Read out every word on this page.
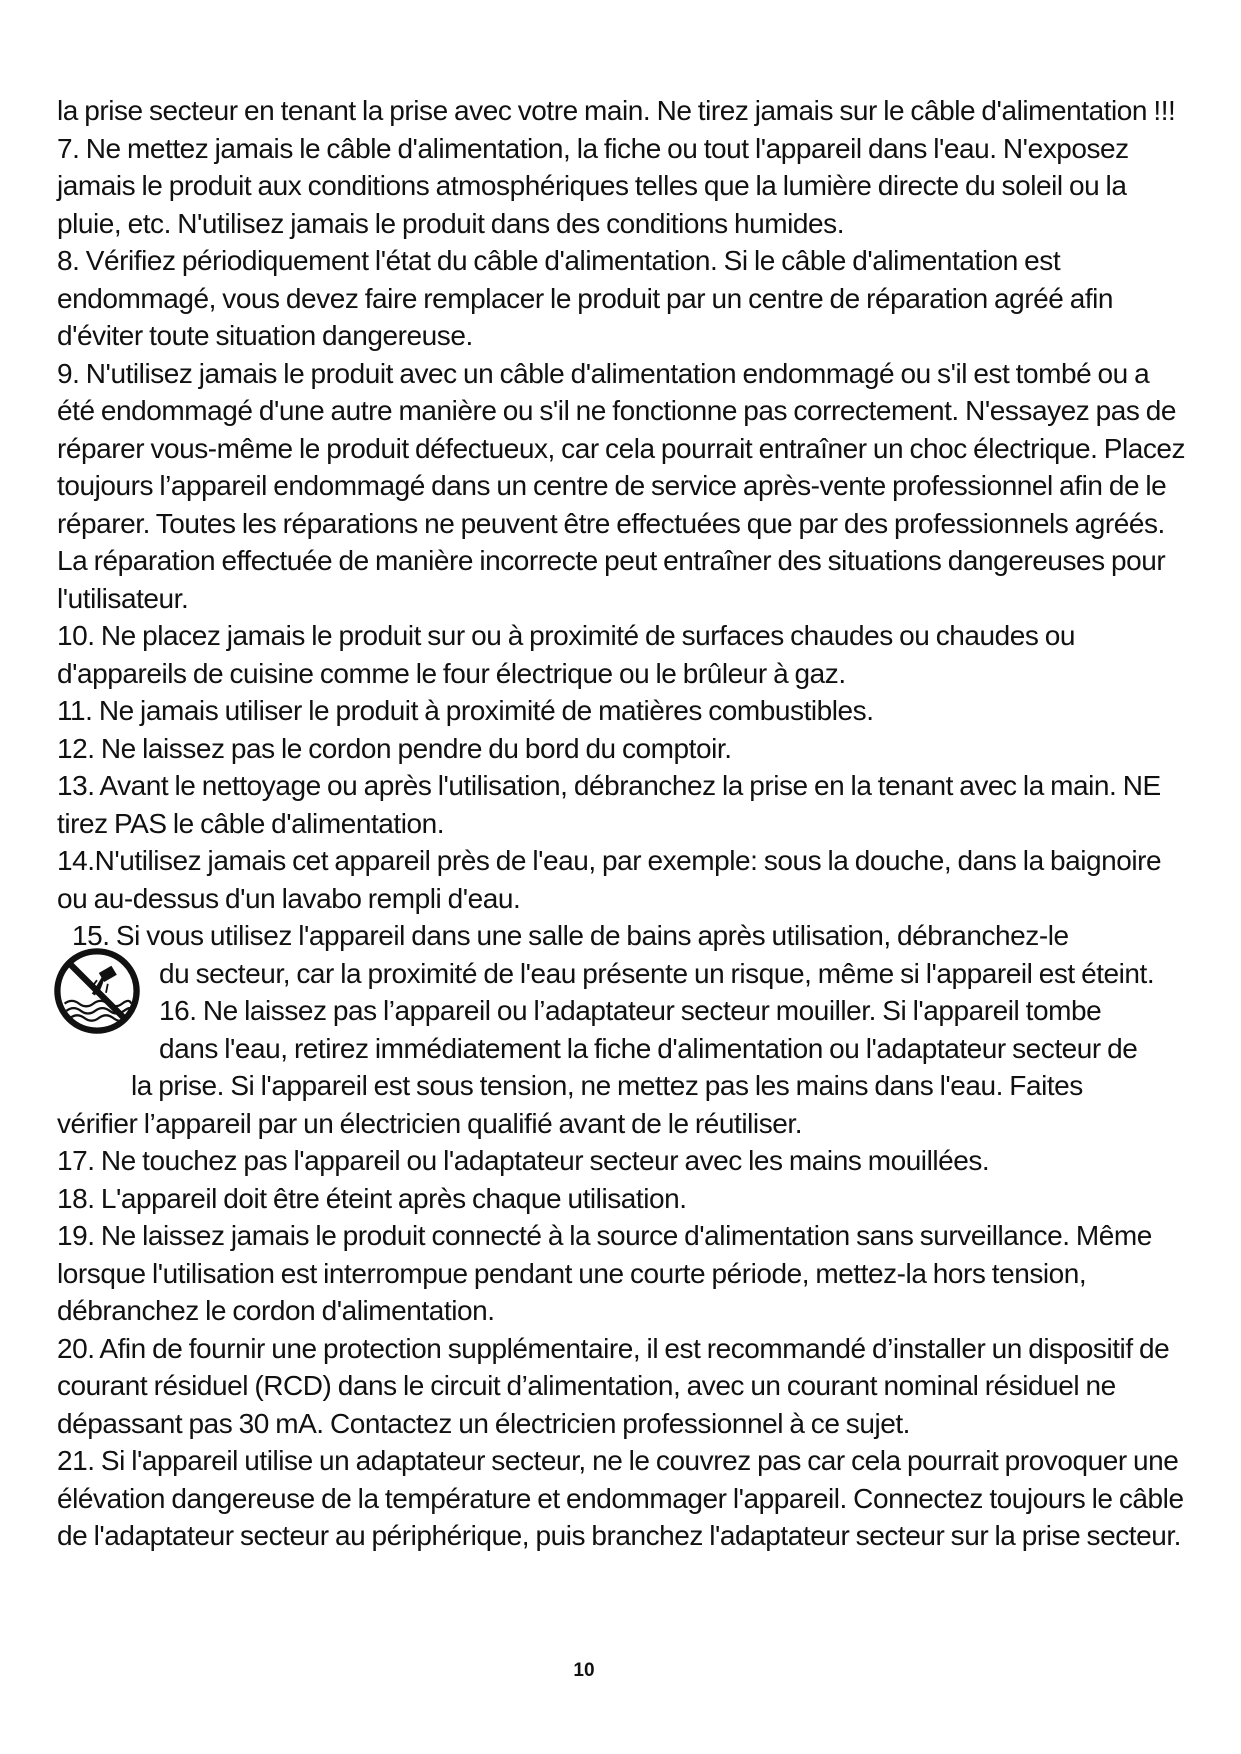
la prise secteur en tenant la prise avec votre main. Ne tirez jamais sur le câble d'alimentation !!!

7. Ne mettez jamais le câble d'alimentation, la fiche ou tout l'appareil dans l'eau. N'exposez jamais le produit aux conditions atmosphériques telles que la lumière directe du soleil ou la pluie, etc. N'utilisez jamais le produit dans des conditions humides.

8. Vérifiez périodiquement l'état du câble d'alimentation. Si le câble d'alimentation est endommagé, vous devez faire remplacer le produit par un centre de réparation agréé afin d'éviter toute situation dangereuse.

9. N'utilisez jamais le produit avec un câble d'alimentation endommagé ou s'il est tombé ou a été endommagé d'une autre manière ou s'il ne fonctionne pas correctement. N'essayez pas de réparer vous-même le produit défectueux, car cela pourrait entraîner un choc électrique. Placez toujours l’appareil endommagé dans un centre de service après-vente professionnel afin de le réparer. Toutes les réparations ne peuvent être effectuées que par des professionnels agréés. La réparation effectuée de manière incorrecte peut entraîner des situations dangereuses pour l'utilisateur.

10. Ne placez jamais le produit sur ou à proximité de surfaces chaudes ou chaudes ou d'appareils de cuisine comme le four électrique ou le brûleur à gaz.

11. Ne jamais utiliser le produit à proximité de matières combustibles.

12. Ne laissez pas le cordon pendre du bord du comptoir.

13. Avant le nettoyage ou après l'utilisation, débranchez la prise en la tenant avec la main. NE tirez PAS le câble d'alimentation.

14.N'utilisez jamais cet appareil près de l'eau, par exemple: sous la douche, dans la baignoire ou au-dessus d'un lavabo rempli d'eau.

15. Si vous utilisez l'appareil dans une salle de bains après utilisation, débranchez-le

du secteur, car la proximité de l'eau présente un risque, même si l'appareil est éteint.

16. Ne laissez pas l’appareil ou l’adaptateur secteur mouiller. Si l'appareil tombe

dans l'eau, retirez immédiatement la fiche d'alimentation ou l'adaptateur secteur de

la prise. Si l'appareil est sous tension, ne mettez pas les mains dans l'eau. Faites

vérifier l’appareil par un électricien qualifié avant de le réutiliser.

17. Ne touchez pas l'appareil ou l'adaptateur secteur avec les mains mouillées.

18. L'appareil doit être éteint après chaque utilisation.

19. Ne laissez jamais le produit connecté à la source d'alimentation sans surveillance. Même lorsque l'utilisation est interrompue pendant une courte période, mettez-la hors tension, débranchez le cordon d'alimentation.

20. Afin de fournir une protection supplémentaire, il est recommandé d’installer un dispositif de courant résiduel (RCD) dans le circuit d’alimentation, avec un courant nominal résiduel ne dépassant pas 30 mA. Contactez un électricien professionnel à ce sujet.

21. Si l'appareil utilise un adaptateur secteur, ne le couvrez pas car cela pourrait provoquer une élévation dangereuse de la température et endommager l'appareil. Connectez toujours le câble de l'adaptateur secteur au périphérique, puis branchez l'adaptateur secteur sur la prise secteur.

10
